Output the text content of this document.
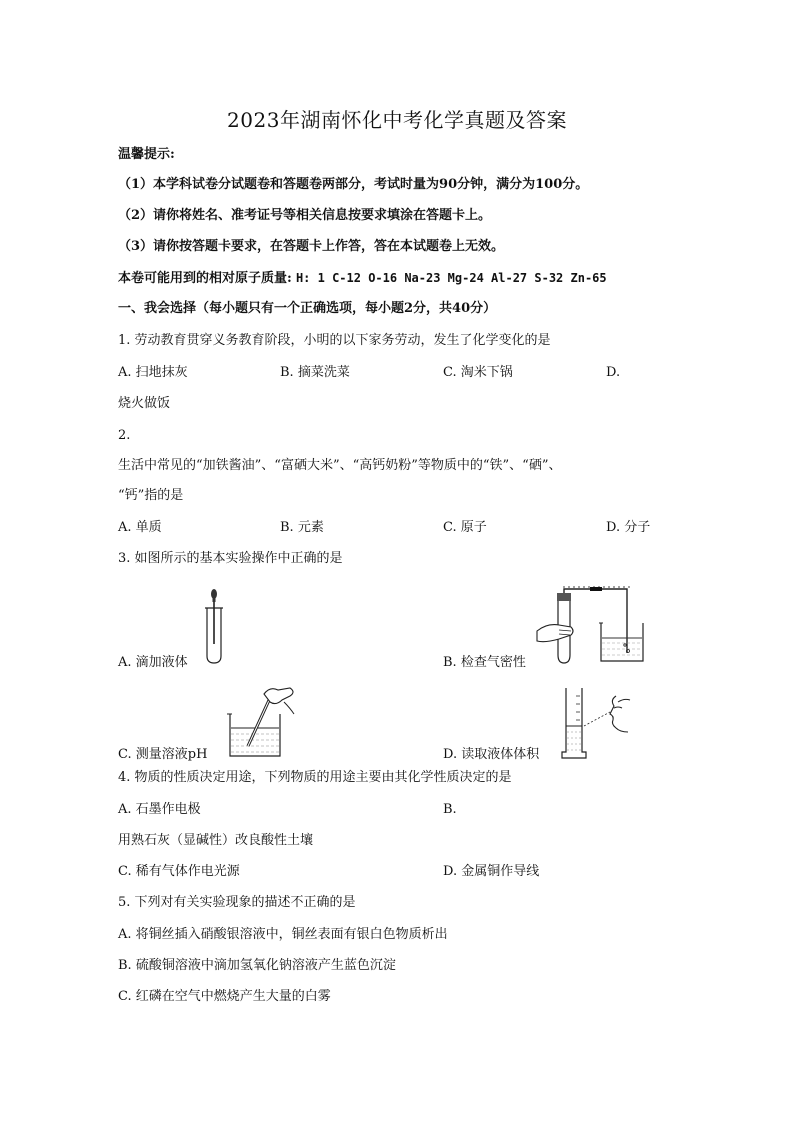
2023年湖南怀化中考化学真题及答案
温馨提示:
（1）本学科试卷分试题卷和答题卷两部分，考试时量为90分钟，满分为100分。
（2）请你将姓名、准考证号等相关信息按要求填涂在答题卡上。
（3）请你按答题卡要求，在答题卡上作答，答在本试题卷上无效。
本卷可能用到的相对原子质量: H: 1 C-12 O-16 Na-23 Mg-24 Al-27 S-32 Zn-65
一、我会选择（每小题只有一个正确选项，每小题2分，共40分）
1. 劳动教育贯穿义务教育阶段，小明的以下家务劳动，发生了化学变化的是
A. 扫地抹灰	B. 摘菜洗菜	C. 淘米下锅	D.
烧火做饭
2.
生活中常见的“加铁酱油”、“富硒大米”、“高钙奶粉”等物质中的“铁”、“硒”、
“钙”指的是
A. 单质	B. 元素	C. 原子	D. 分子
3. 如图所示的基本实验操作中正确的是
A. 滴加液体	B. 检查气密性
C. 测量溶液pH	D. 读取液体体积
4. 物质的性质决定用途，下列物质的用途主要由其化学性质决定的是
A. 石墨作电极	B.
用熟石灰（显碱性）改良酸性土壤
C. 稀有气体作电光源	D. 金属铜作导线
5. 下列对有关实验现象的描述不正确的是
A. 将铜丝插入硝酸银溶液中，铜丝表面有银白色物质析出
B. 硫酸铜溶液中滴加氢氧化钠溶液产生蓝色沉淀
C. 红磷在空气中燃烧产生大量的白雾
